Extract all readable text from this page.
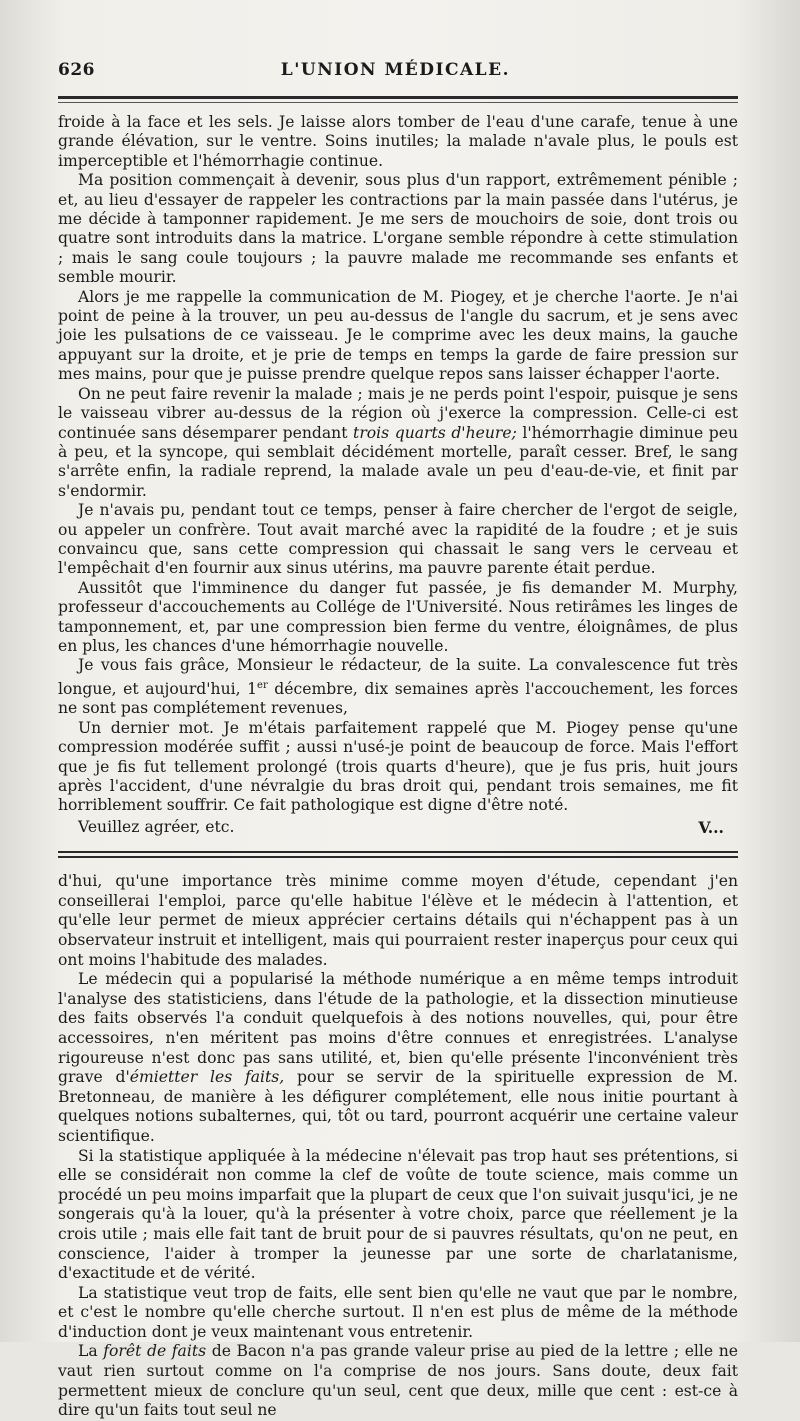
626	L'UNION MÉDICALE.

froide à la face et les sels. Je laisse alors tomber de l'eau d'une carafe, tenue à une grande élévation, sur le ventre. Soins inutiles; la malade n'avale plus, le pouls est imperceptible et l'hémorrhagie continue.

Ma position commençait à devenir, sous plus d'un rapport, extrêmement pénible ; et, au lieu d'essayer de rappeler les contractions par la main passée dans l'utérus, je me décide à tamponner rapidement. Je me sers de mouchoirs de soie, dont trois ou quatre sont introduits dans la matrice. L'organe semble répondre à cette stimulation ; mais le sang coule toujours ; la pauvre malade me recommande ses enfants et semble mourir.

Alors je me rappelle la communication de M. Piogey, et je cherche l'aorte. Je n'ai point de peine à la trouver, un peu au-dessus de l'angle du sacrum, et je sens avec joie les pulsations de ce vaisseau. Je le comprime avec les deux mains, la gauche appuyant sur la droite, et je prie de temps en temps la garde de faire pression sur mes mains, pour que je puisse prendre quelque repos sans laisser échapper l'aorte.

On ne peut faire revenir la malade ; mais je ne perds point l'espoir, puisque je sens le vaisseau vibrer au-dessus de la région où j'exerce la compression. Celle-ci est continuée sans désemparer pendant trois quarts d'heure; l'hémorrhagie diminue peu à peu, et la syncope, qui semblait décidément mortelle, paraît cesser. Bref, le sang s'arrête enfin, la radiale reprend, la malade avale un peu d'eau-de-vie, et finit par s'endormir.

Je n'avais pu, pendant tout ce temps, penser à faire chercher de l'ergot de seigle, ou appeler un confrère. Tout avait marché avec la rapidité de la foudre ; et je suis convaincu que, sans cette compression qui chassait le sang vers le cerveau et l'empêchait d'en fournir aux sinus utérins, ma pauvre parente était perdue.

Aussitôt que l'imminence du danger fut passée, je fis demander M. Murphy, professeur d'accouchements au Collége de l'Université. Nous retirâmes les linges de tamponnement, et, par une compression bien ferme du ventre, éloignâmes, de plus en plus, les chances d'une hémorrhagie nouvelle.

Je vous fais grâce, Monsieur le rédacteur, de la suite. La convalescence fut très longue, et aujourd'hui, 1er décembre, dix semaines après l'accouchement, les forces ne sont pas complétement revenues,

Un dernier mot. Je m'étais parfaitement rappelé que M. Piogey pense qu'une compression modérée suffit ; aussi n'usé-je point de beaucoup de force. Mais l'effort que je fis fut tellement prolongé (trois quarts d'heure), que je fus pris, huit jours après l'accident, d'une névralgie du bras droit qui, pendant trois semaines, me fit horriblement souffrir. Ce fait pathologique est digne d'être noté.

Veuillez agréer, etc.	V...

d'hui, qu'une importance très minime comme moyen d'étude, cependant j'en conseillerai l'emploi, parce qu'elle habitue l'élève et le médecin à l'attention, et qu'elle leur permet de mieux apprécier certains détails qui n'échappent pas à un observateur instruit et intelligent, mais qui pourraient rester inaperçus pour ceux qui ont moins l'habitude des malades.

Le médecin qui a popularisé la méthode numérique a en même temps introduit l'analyse des statisticiens, dans l'étude de la pathologie, et la dissection minutieuse des faits observés l'a conduit quelquefois à des notions nouvelles, qui, pour être accessoires, n'en méritent pas moins d'être connues et enregistrées. L'analyse rigoureuse n'est donc pas sans utilité, et, bien qu'elle présente l'inconvénient très grave d'émietter les faits, pour se servir de la spirituelle expression de M. Bretonneau, de manière à les défigurer complétement, elle nous initie pourtant à quelques notions subalternes, qui, tôt ou tard, pourront acquérir une certaine valeur scientifique.

Si la statistique appliquée à la médecine n'élevait pas trop haut ses prétentions, si elle se considérait non comme la clef de voûte de toute science, mais comme un procédé un peu moins imparfait que la plupart de ceux que l'on suivait jusqu'ici, je ne songerais qu'à la louer, qu'à la présenter à votre choix, parce que réellement je la crois utile ; mais elle fait tant de bruit pour de si pauvres résultats, qu'on ne peut, en conscience, l'aider à tromper la jeunesse par une sorte de charlatanisme, d'exactitude et de vérité.

La statistique veut trop de faits, elle sent bien qu'elle ne vaut que par le nombre, et c'est le nombre qu'elle cherche surtout. Il n'en est plus de même de la méthode d'induction dont je veux maintenant vous entretenir.

La forêt de faits de Bacon n'a pas grande valeur prise au pied de la lettre ; elle ne vaut rien surtout comme on l'a comprise de nos jours. Sans doute, deux fait permettent mieux de conclure qu'un seul, cent que deux, mille que cent : est-ce à dire qu'un faits tout seul ne
